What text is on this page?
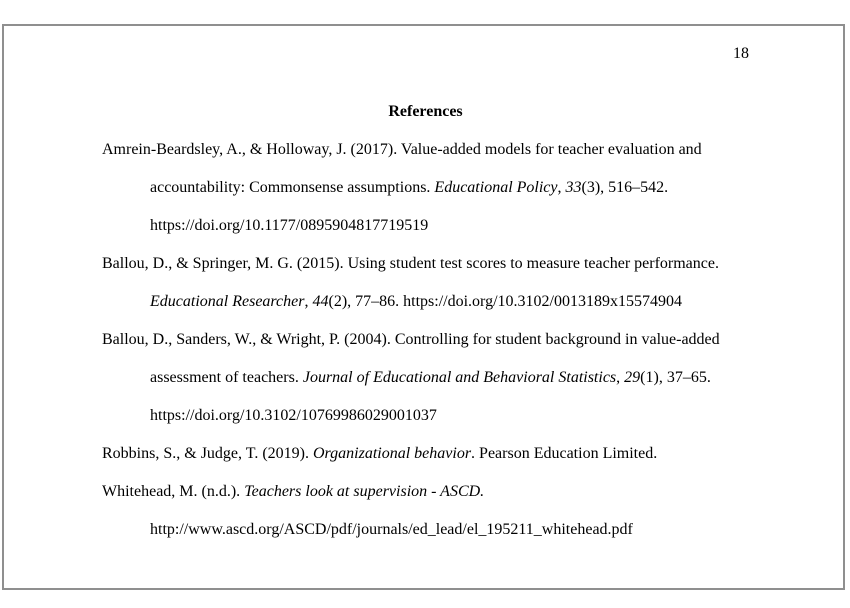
18
References
Amrein-Beardsley, A., & Holloway, J. (2017). Value-added models for teacher evaluation and
accountability: Commonsense assumptions. Educational Policy, 33(3), 516–542.
https://doi.org/10.1177/0895904817719519
Ballou, D., & Springer, M. G. (2015). Using student test scores to measure teacher performance.
Educational Researcher, 44(2), 77–86. https://doi.org/10.3102/0013189x15574904
Ballou, D., Sanders, W., & Wright, P. (2004). Controlling for student background in value-added
assessment of teachers. Journal of Educational and Behavioral Statistics, 29(1), 37–65.
https://doi.org/10.3102/10769986029001037
Robbins, S., & Judge, T. (2019). Organizational behavior. Pearson Education Limited.
Whitehead, M. (n.d.). Teachers look at supervision - ASCD.
http://www.ascd.org/ASCD/pdf/journals/ed_lead/el_195211_whitehead.pdf
